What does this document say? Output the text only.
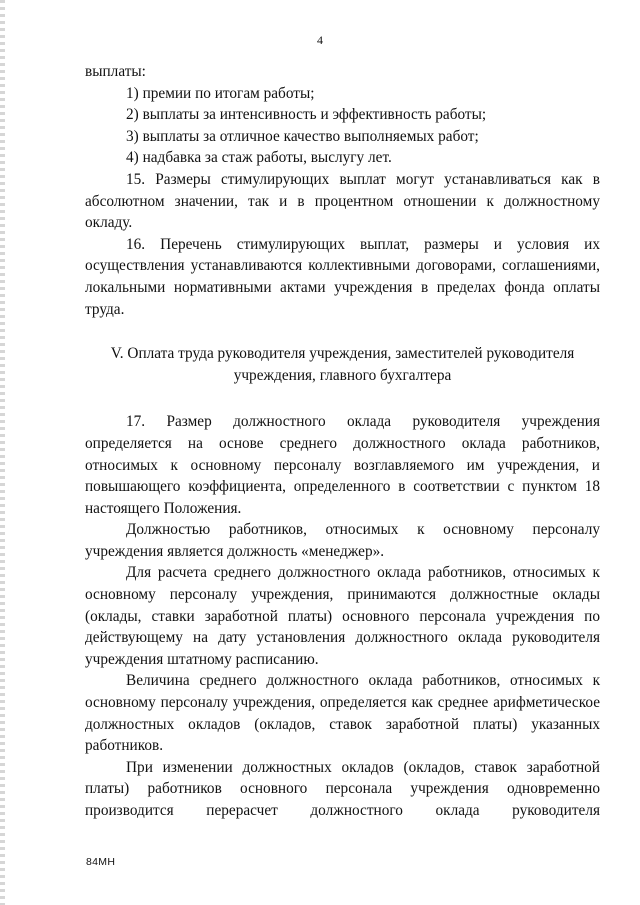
4

выплаты:

1) премии по итогам работы;

2) выплаты за интенсивность и эффективность работы;

3) выплаты за отличное качество выполняемых работ;

4) надбавка за стаж работы, выслугу лет.

15. Размеры стимулирующих выплат могут устанавливаться как в абсолютном значении, так и в процентном отношении к должностному окладу.

16. Перечень стимулирующих выплат, размеры и условия их осуществления устанавливаются коллективными договорами, соглашениями, локальными нормативными актами учреждения в пределах фонда оплаты труда.

V. Оплата труда руководителя учреждения, заместителей руководителя
учреждения, главного бухгалтера

17. Размер должностного оклада руководителя учреждения определяется на основе среднего должностного оклада работников, относимых к основному персоналу возглавляемого им учреждения, и повышающего коэффициента, определенного в соответствии с пунктом 18 настоящего Положения.

Должностью работников, относимых к основному персоналу учреждения является должность «менеджер».

Для расчета среднего должностного оклада работников, относимых к основному персоналу учреждения, принимаются должностные оклады (оклады, ставки заработной платы) основного персонала учреждения по действующему на дату установления должностного оклада руководителя учреждения штатному расписанию.

Величина среднего должностного оклада работников, относимых к основному персоналу учреждения, определяется как среднее арифметическое должностных окладов (окладов, ставок заработной платы) указанных работников.

При изменении должностных окладов (окладов, ставок заработной платы) работников основного персонала учреждения одновременно производится перерасчет должностного оклада руководителя

84МН
